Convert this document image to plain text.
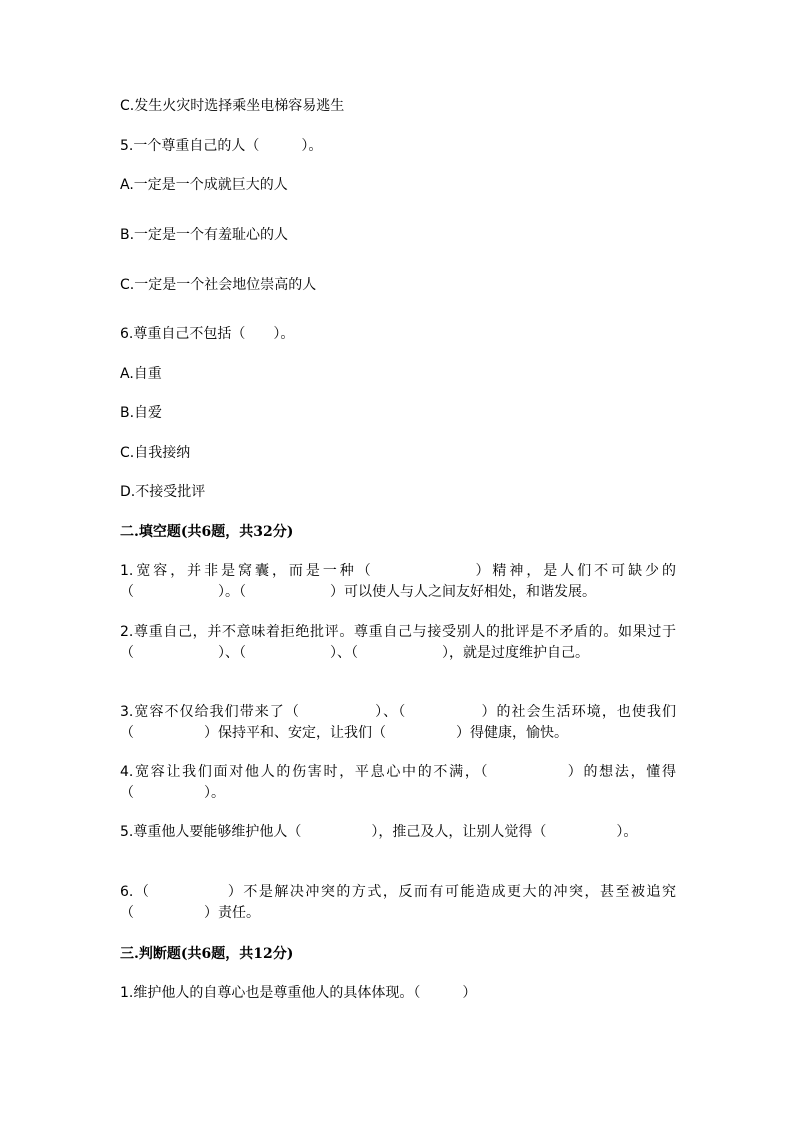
C.发生火灾时选择乘坐电梯容易逃生

5.一个尊重自己的人（　　　）。

A.一定是一个成就巨大的人

B.一定是一个有羞耻心的人

C.一定是一个社会地位崇高的人

6.尊重自己不包括（　　）。

A.自重

B.自爱

C.自我接纳

D.不接受批评

二.填空题(共6题，共32分)

1.宽容，并非是窝囊，而是一种（　　　　　　）精神，是人们不可缺少的（　　　　　　）。（　　　　　　）可以使人与人之间友好相处，和谐发展。

2.尊重自己，并不意味着拒绝批评。尊重自己与接受别人的批评是不矛盾的。如果过于（　　　　　　）、（　　　　　　）、（　　　　　　），就是过度维护自己。

3.宽容不仅给我们带来了（　　　　　）、（　　　　　）的社会生活环境，也使我们（　　　　　）保持平和、安定，让我们（　　　　　）得健康，愉快。

4.宽容让我们面对他人的伤害时，平息心中的不满，（　　　　　）的想法，懂得（　　　　　）。

5.尊重他人要能够维护他人（　　　　　），推己及人，让别人觉得（　　　　　）。

6.（　　　　　）不是解决冲突的方式，反而有可能造成更大的冲突，甚至被追究（　　　　　）责任。

三.判断题(共6题，共12分)

1.维护他人的自尊心也是尊重他人的具体体现。（　　　）
